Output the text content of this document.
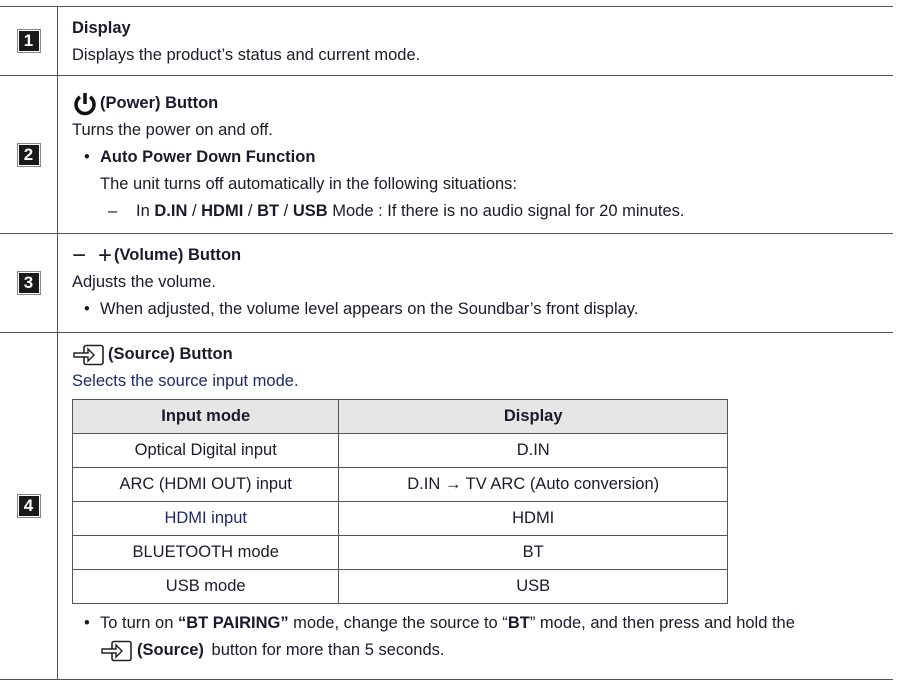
1
Display
Displays the product’s status and current mode.
2
(Power) Button
Turns the power on and off.
• Auto Power Down Function
The unit turns off automatically in the following situations:
– In D.IN / HDMI / BT / USB Mode : If there is no audio signal for 20 minutes.
3
− + (Volume) Button
Adjusts the volume.
• When adjusted, the volume level appears on the Soundbar’s front display.
4
(Source) Button
Selects the source input mode.
Input mode	Display
Optical Digital input	D.IN
ARC (HDMI OUT) input	D.IN → TV ARC (Auto conversion)
HDMI input	HDMI
BLUETOOTH mode	BT
USB mode	USB
• To turn on “BT PAIRING” mode, change the source to “BT” mode, and then press and hold the
(Source) button for more than 5 seconds.
